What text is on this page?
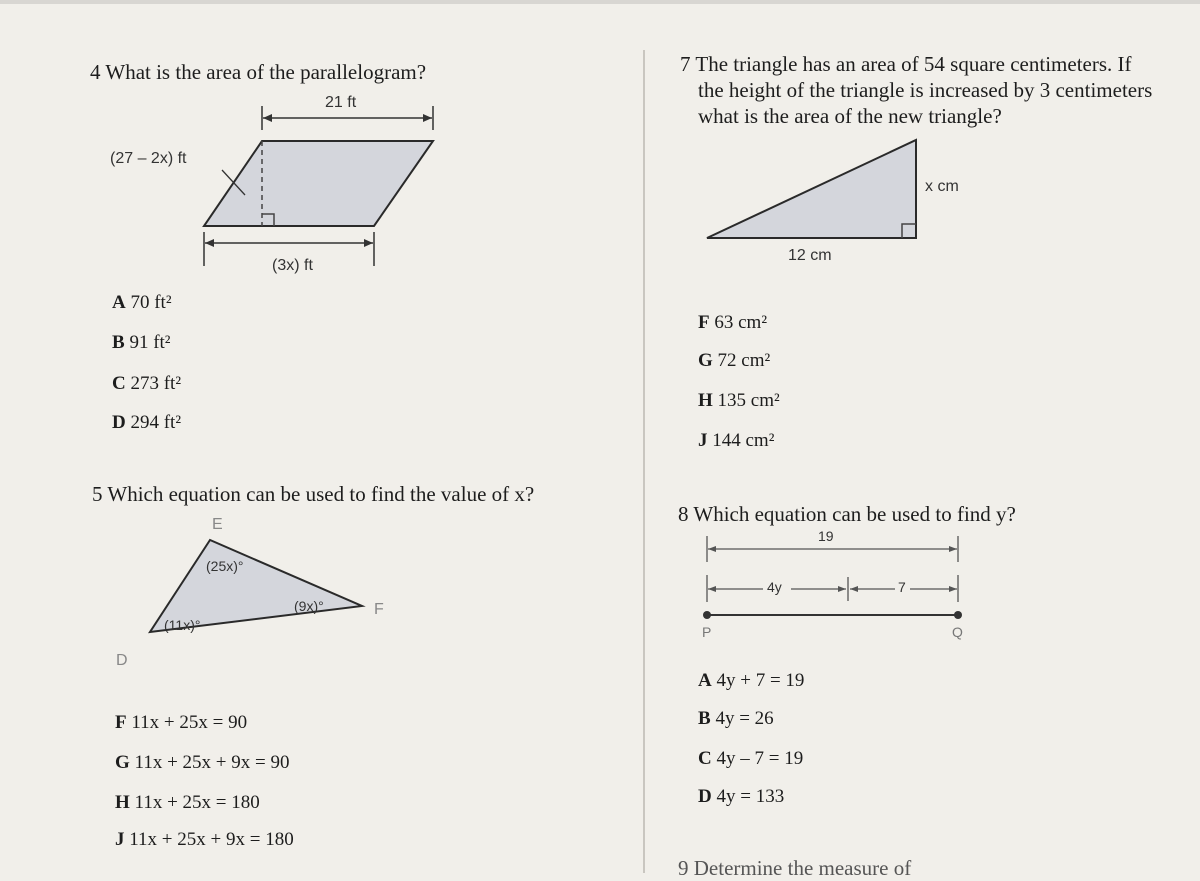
4 What is the area of the parallelogram?
21 ft
(27 – 2x) ft
(3x) ft
A 70 ft²
B 91 ft²
C 273 ft²
D 294 ft²
5 Which equation can be used to find the value of x?
E
D
F
(25x)°
(11x)°
(9x)°
F 11x + 25x = 90
G 11x + 25x + 9x = 90
H 11x + 25x = 180
J 11x + 25x + 9x = 180
7 The triangle has an area of 54 square centimeters. If
the height of the triangle is increased by 3 centimeters
what is the area of the new triangle?
x cm
12 cm
F 63 cm²
G 72 cm²
H 135 cm²
J 144 cm²
8 Which equation can be used to find y?
19
4y	7
P	Q
A 4y + 7 = 19
B 4y = 26
C 4y – 7 = 19
D 4y = 133
9 Determine the measure of
